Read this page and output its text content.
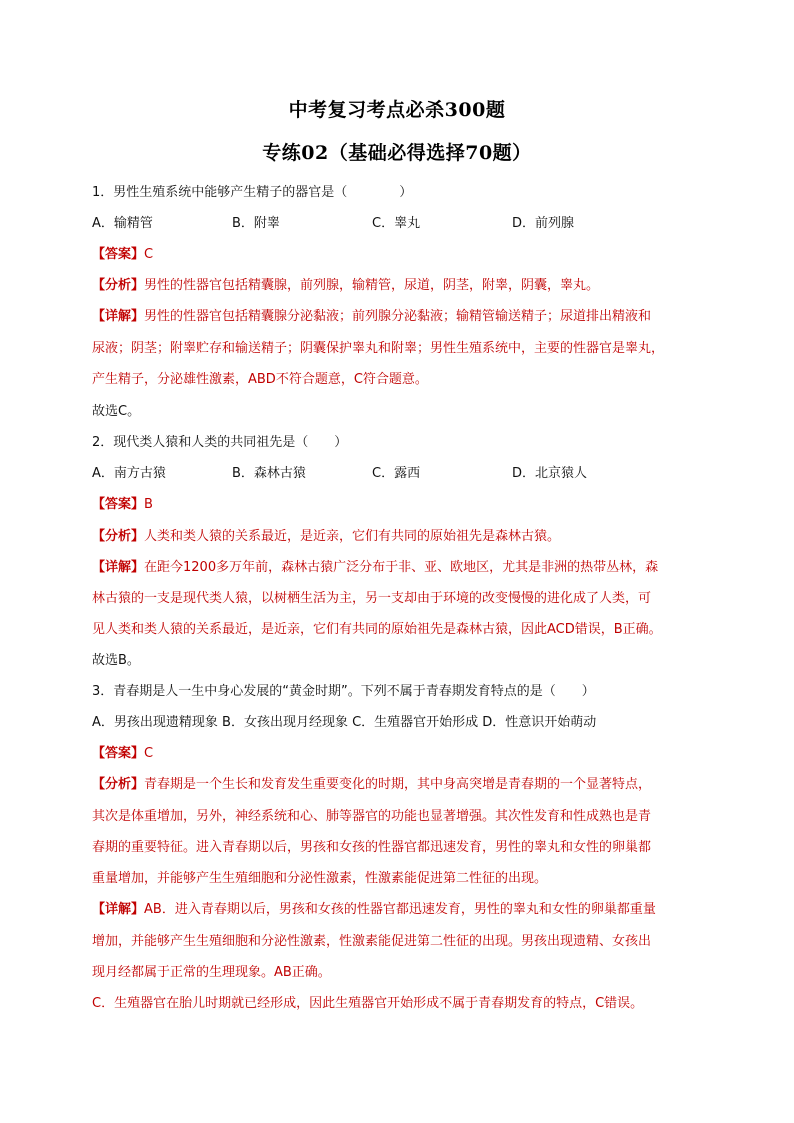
中考复习考点必杀300题
专练02（基础必得选择70题）
1．男性生殖系统中能够产生精子的器官是（　　　　）
A．输精管	B．附睾	C．睾丸	D．前列腺
【答案】C
【分析】男性的性器官包括精囊腺，前列腺，输精管，尿道，阴茎，附睾，阴囊，睾丸。
【详解】男性的性器官包括精囊腺分泌黏液；前列腺分泌黏液；输精管输送精子；尿道排出精液和
尿液；阴茎；附睾贮存和输送精子；阴囊保护睾丸和附睾；男性生殖系统中，主要的性器官是睾丸，
产生精子，分泌雄性激素，ABD不符合题意，C符合题意。
故选C。
2．现代类人猿和人类的共同祖先是（　　）
A．南方古猿	B．森林古猿	C．露西	D．北京猿人
【答案】B
【分析】人类和类人猿的关系最近，是近亲，它们有共同的原始祖先是森林古猿。
【详解】在距今1200多万年前，森林古猿广泛分布于非、亚、欧地区，尤其是非洲的热带丛林，森
林古猿的一支是现代类人猿，以树栖生活为主，另一支却由于环境的改变慢慢的进化成了人类，可
见人类和类人猿的关系最近，是近亲，它们有共同的原始祖先是森林古猿，因此ACD错误，B正确。
故选B。
3．青春期是人一生中身心发展的“黄金时期”。下列不属于青春期发育特点的是（　　）
A．男孩出现遗精现象 B．女孩出现月经现象 C．生殖器官开始形成 D．性意识开始萌动
【答案】C
【分析】青春期是一个生长和发育发生重要变化的时期，其中身高突增是青春期的一个显著特点，
其次是体重增加，另外，神经系统和心、肺等器官的功能也显著增强。其次性发育和性成熟也是青
春期的重要特征。进入青春期以后，男孩和女孩的性器官都迅速发育，男性的睾丸和女性的卵巢都
重量增加，并能够产生生殖细胞和分泌性激素，性激素能促进第二性征的出现。
【详解】AB．进入青春期以后，男孩和女孩的性器官都迅速发育，男性的睾丸和女性的卵巢都重量
增加，并能够产生生殖细胞和分泌性激素，性激素能促进第二性征的出现。男孩出现遗精、女孩出
现月经都属于正常的生理现象。AB正确。
C．生殖器官在胎儿时期就已经形成，因此生殖器官开始形成不属于青春期发育的特点，C错误。
